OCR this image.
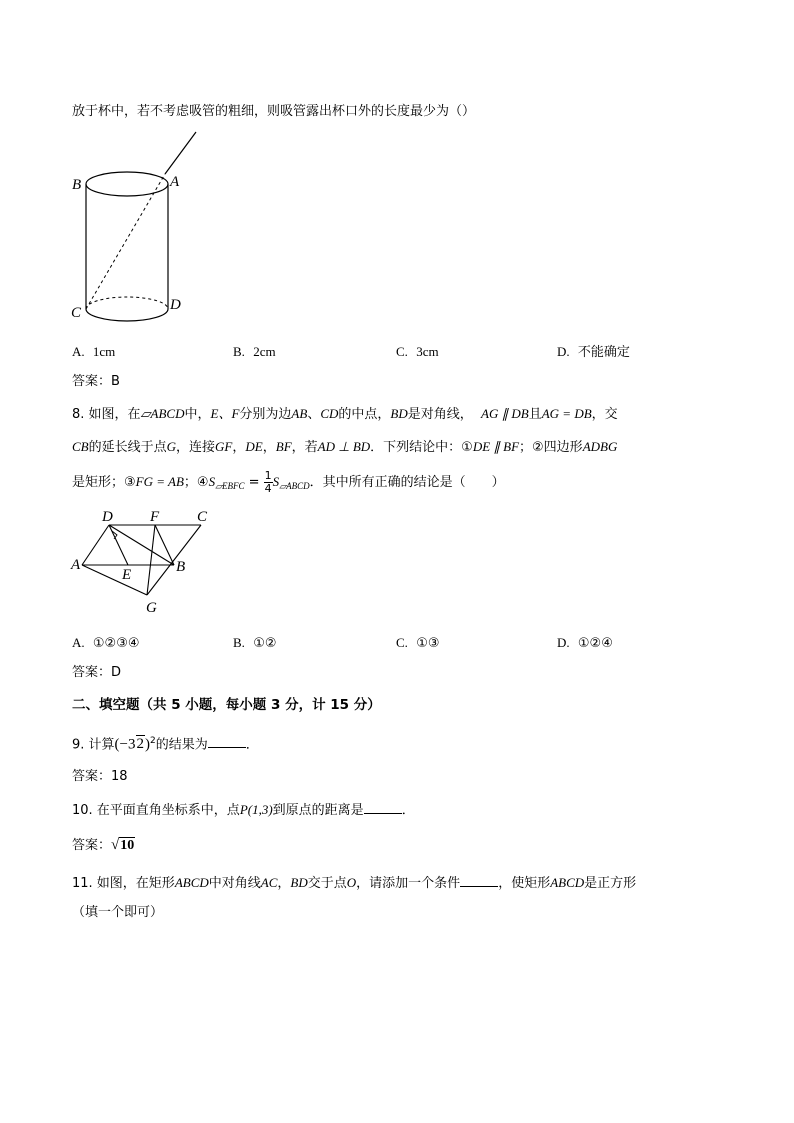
放于杯中，若不考虑吸管的粗细，则吸管露出杯口外的长度最少为（）
B	A
C	D
A. 1cm	B. 2cm	C. 3cm	D. 不能确定
答案：B
8. 如图，在▱ABCD中，E、F分别为边AB、CD的中点，BD是对角线， AG ∥ DB且AG = DB，交
CB的延长线于点G，连接GF，DE，BF，若AD ⊥ BD．下列结论中：①DE ∥ BF；②四边形ADBG
是矩形；③FG = AB；$④S_{▱EBFC} = \frac{1}{4} S_{▱ABCD}$．其中所有正确的结论是（　　）
D F	C
A
E	B
G
A. ①②③④	B. ①②	C. ①③	D. ①②④
答案：D
二、填空题（共 5 小题，每小题 3 分，计 15 分）
9. 计算$(-32)^2$的结果为	．
答案：18
10. 在平面直角坐标系中，点P(1,3)到原点的距离是	．
答案：√10
11. 如图，在矩形ABCD中对角线AC，BD交于点O，请添加一个条件	，使矩形ABCD是正方形
（填一个即可）
